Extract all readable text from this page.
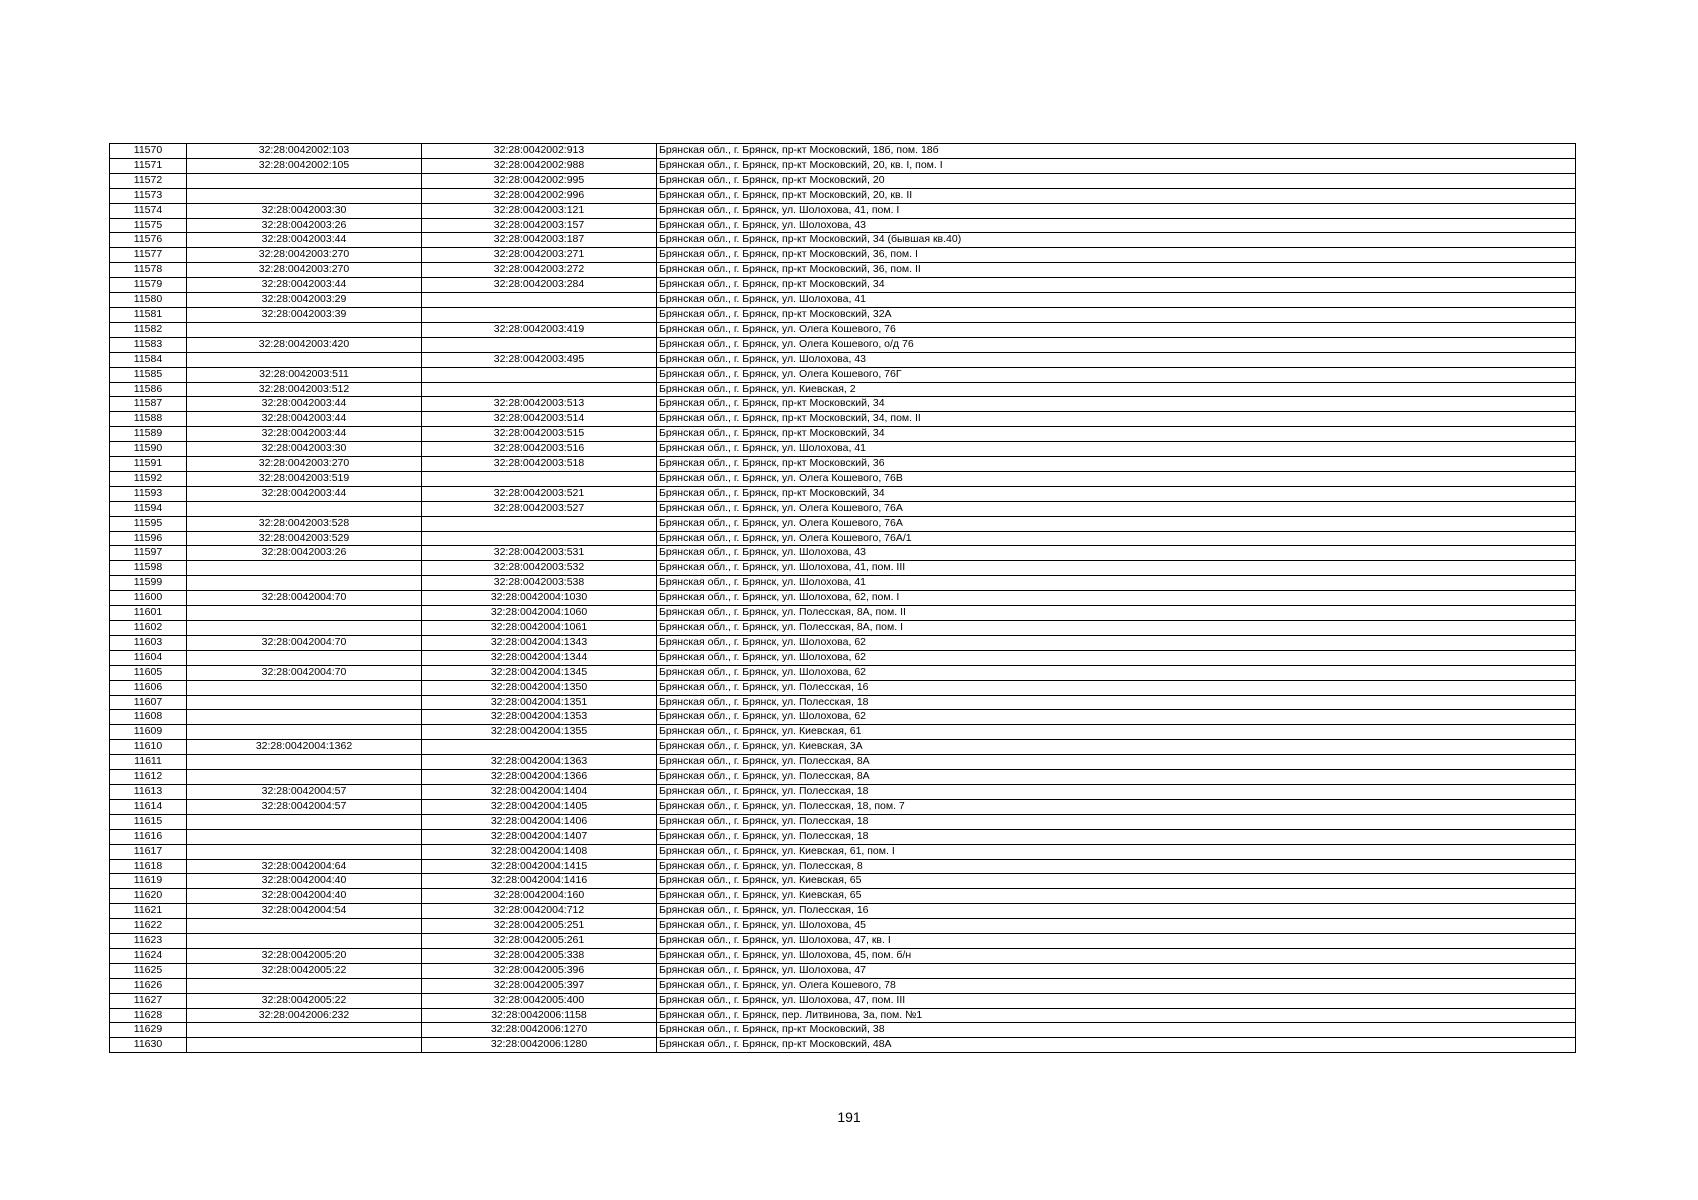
11570	32:28:0042002:103	32:28:0042002:913	Брянская обл., г. Брянск, пр-кт Московский, 18б, пом. 18б
11571	32:28:0042002:105	32:28:0042002:988	Брянская обл., г. Брянск, пр-кт Московский, 20, кв. I, пом. I
11572		32:28:0042002:995	Брянская обл., г. Брянск, пр-кт Московский, 20
11573		32:28:0042002:996	Брянская обл., г. Брянск, пр-кт Московский, 20, кв. II
11574	32:28:0042003:30	32:28:0042003:121	Брянская обл., г. Брянск, ул. Шолохова, 41, пом. I
11575	32:28:0042003:26	32:28:0042003:157	Брянская обл., г. Брянск, ул. Шолохова, 43
11576	32:28:0042003:44	32:28:0042003:187	Брянская обл., г. Брянск, пр-кт Московский, 34 (бывшая кв.40)
11577	32:28:0042003:270	32:28:0042003:271	Брянская обл., г. Брянск, пр-кт Московский, 36, пом. I
11578	32:28:0042003:270	32:28:0042003:272	Брянская обл., г. Брянск, пр-кт Московский, 36, пом. II
11579	32:28:0042003:44	32:28:0042003:284	Брянская обл., г. Брянск, пр-кт Московский, 34
11580	32:28:0042003:29		Брянская обл., г. Брянск, ул. Шолохова, 41
11581	32:28:0042003:39		Брянская обл., г. Брянск, пр-кт Московский, 32А
11582		32:28:0042003:419	Брянская обл., г. Брянск, ул. Олега Кошевого, 76
11583	32:28:0042003:420		Брянская обл., г. Брянск, ул. Олега Кошевого, о/д 76
11584		32:28:0042003:495	Брянская обл., г. Брянск, ул. Шолохова, 43
11585	32:28:0042003:511		Брянская обл., г. Брянск, ул. Олега Кошевого, 76Г
11586	32:28:0042003:512		Брянская обл., г. Брянск, ул. Киевская, 2
11587	32:28:0042003:44	32:28:0042003:513	Брянская обл., г. Брянск, пр-кт Московский, 34
11588	32:28:0042003:44	32:28:0042003:514	Брянская обл., г. Брянск, пр-кт Московский, 34, пом. II
11589	32:28:0042003:44	32:28:0042003:515	Брянская обл., г. Брянск, пр-кт Московский, 34
11590	32:28:0042003:30	32:28:0042003:516	Брянская обл., г. Брянск, ул. Шолохова, 41
11591	32:28:0042003:270	32:28:0042003:518	Брянская обл., г. Брянск, пр-кт Московский, 36
11592	32:28:0042003:519		Брянская обл., г. Брянск, ул. Олега Кошевого, 76В
11593	32:28:0042003:44	32:28:0042003:521	Брянская обл., г. Брянск, пр-кт Московский, 34
11594		32:28:0042003:527	Брянская обл., г. Брянск, ул. Олега Кошевого, 76А
11595	32:28:0042003:528		Брянская обл., г. Брянск, ул. Олега Кошевого, 76А
11596	32:28:0042003:529		Брянская обл., г. Брянск, ул. Олега Кошевого, 76А/1
11597	32:28:0042003:26	32:28:0042003:531	Брянская обл., г. Брянск, ул. Шолохова, 43
11598		32:28:0042003:532	Брянская обл., г. Брянск, ул. Шолохова, 41, пом. III
11599		32:28:0042003:538	Брянская обл., г. Брянск, ул. Шолохова, 41
11600	32:28:0042004:70	32:28:0042004:1030	Брянская обл., г. Брянск, ул. Шолохова, 62, пом. I
11601		32:28:0042004:1060	Брянская обл., г. Брянск, ул. Полесская, 8А, пом. II
11602		32:28:0042004:1061	Брянская обл., г. Брянск, ул. Полесская, 8А, пом. I
11603	32:28:0042004:70	32:28:0042004:1343	Брянская обл., г. Брянск, ул. Шолохова, 62
11604		32:28:0042004:1344	Брянская обл., г. Брянск, ул. Шолохова, 62
11605	32:28:0042004:70	32:28:0042004:1345	Брянская обл., г. Брянск, ул. Шолохова, 62
11606		32:28:0042004:1350	Брянская обл., г. Брянск, ул. Полесская, 16
11607		32:28:0042004:1351	Брянская обл., г. Брянск, ул. Полесская, 18
11608		32:28:0042004:1353	Брянская обл., г. Брянск, ул. Шолохова, 62
11609		32:28:0042004:1355	Брянская обл., г. Брянск, ул. Киевская, 61
11610	32:28:0042004:1362		Брянская обл., г. Брянск, ул. Киевская, 3А
11611		32:28:0042004:1363	Брянская обл., г. Брянск, ул. Полесская, 8А
11612		32:28:0042004:1366	Брянская обл., г. Брянск, ул. Полесская, 8А
11613	32:28:0042004:57	32:28:0042004:1404	Брянская обл., г. Брянск, ул. Полесская, 18
11614	32:28:0042004:57	32:28:0042004:1405	Брянская обл., г. Брянск, ул. Полесская, 18, пом. 7
11615		32:28:0042004:1406	Брянская обл., г. Брянск, ул. Полесская, 18
11616		32:28:0042004:1407	Брянская обл., г. Брянск, ул. Полесская, 18
11617		32:28:0042004:1408	Брянская обл., г. Брянск, ул. Киевская, 61, пом. I
11618	32:28:0042004:64	32:28:0042004:1415	Брянская обл., г. Брянск, ул. Полесская, 8
11619	32:28:0042004:40	32:28:0042004:1416	Брянская обл., г. Брянск, ул. Киевская, 65
11620	32:28:0042004:40	32:28:0042004:160	Брянская обл., г. Брянск, ул. Киевская, 65
11621	32:28:0042004:54	32:28:0042004:712	Брянская обл., г. Брянск, ул. Полесская, 16
11622		32:28:0042005:251	Брянская обл., г. Брянск, ул. Шолохова, 45
11623		32:28:0042005:261	Брянская обл., г. Брянск, ул. Шолохова, 47, кв. I
11624	32:28:0042005:20	32:28:0042005:338	Брянская обл., г. Брянск, ул. Шолохова, 45, пом. б/н
11625	32:28:0042005:22	32:28:0042005:396	Брянская обл., г. Брянск, ул. Шолохова, 47
11626		32:28:0042005:397	Брянская обл., г. Брянск, ул. Олега Кошевого, 78
11627	32:28:0042005:22	32:28:0042005:400	Брянская обл., г. Брянск, ул. Шолохова, 47, пом. III
11628	32:28:0042006:232	32:28:0042006:1158	Брянская обл., г. Брянск, пер. Литвинова, 3а, пом. №1
11629		32:28:0042006:1270	Брянская обл., г. Брянск, пр-кт Московский, 38
11630		32:28:0042006:1280	Брянская обл., г. Брянск, пр-кт Московский, 48А
191
